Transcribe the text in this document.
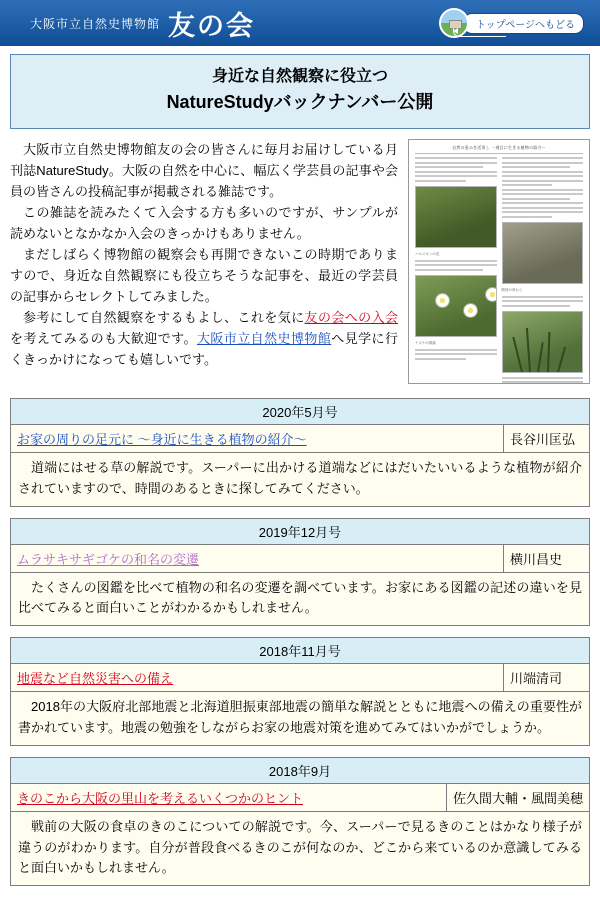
大阪市立自然史博物館 友の会	トップページへもどる
身近な自然観察に役立つ
NatureStudyバックナンバー公開

大阪市立自然史博物館友の会の皆さんに毎月お届けしている月刊誌NatureStudy。大阪の自然を中心に、幅広く学芸員の記事や会員の皆さんの投稿記事が掲載される雑誌です。

この雑誌を読みたくて入会する方も多いのですが、サンプルが読めないとなかなか入会のきっかけもありません。

まだしばらく博物館の観察会も再開できないこの時期でありますので、身近な自然観察にも役立ちそうな記事を、最近の学芸員の記事からセレクトしてみました。

参考にして自然観察をするもよし、これを気に友の会への入会を考えてみるのも大歓迎です。大阪市立自然史博物館へ見学に行くきっかけになっても嬉しいです。

自然の恵みを活用し 一週目に生きる植物の紹介ー
ハルジオンの花
ナズナの群落
路傍の草むら
2020年5月号
お家の周りの足元に ～身近に生きる植物の紹介～	長谷川匡弘

道端にはせる草の解説です。スーパーに出かける道端などにはだいたいいるような植物が紹介されていますので、時間のあるときに探してみてください。

2019年12月号
ムラサキサギゴケの和名の変遷	横川昌史

たくさんの図鑑を比べて植物の和名の変遷を調べています。お家にある図鑑の記述の違いを見比べてみると面白いことがわかるかもしれません。

2018年11月号
地震など自然災害への備え	川端清司

2018年の大阪府北部地震と北海道胆振東部地震の簡単な解説とともに地震への備えの重要性が書かれています。地震の勉強をしながらお家の地震対策を進めてみてはいかがでしょうか。

2018年9月
きのこから大阪の里山を考えるいくつかのヒント	佐久間大輔・風間美穂

戦前の大阪の食卓のきのこについての解説です。今、スーパーで見るきのことはかなり様子が違うのがわかります。自分が普段食べるきのこが何なのか、どこから来ているのか意識してみると面白いかもしれません。
